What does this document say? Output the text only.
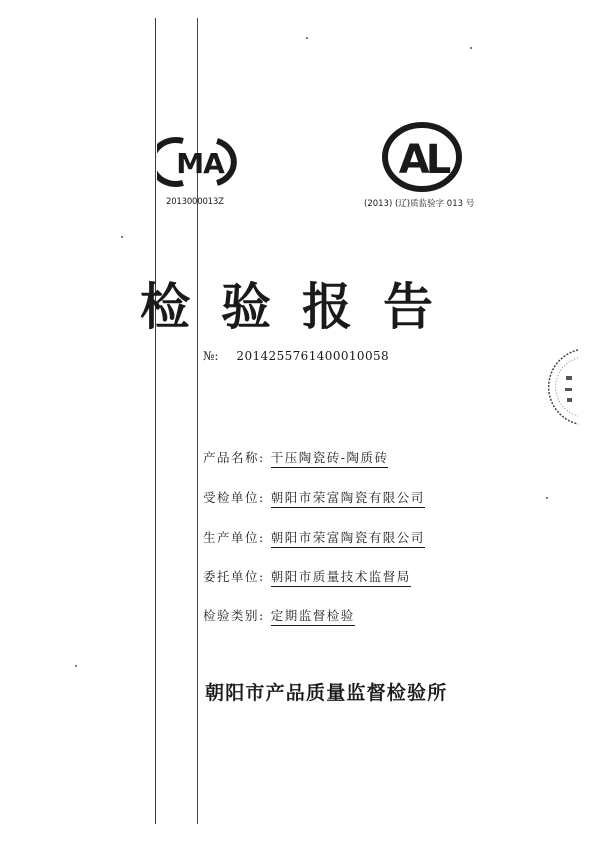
MA
2013000013Z
AL
(2013) (辽)质监验字 013 号
检验报告
№: 2014255761400010058
产品名称: 干压陶瓷砖-陶质砖
受检单位: 朝阳市荣富陶瓷有限公司
生产单位: 朝阳市荣富陶瓷有限公司
委托单位: 朝阳市质量技术监督局
检验类别: 定期监督检验
朝阳市产品质量监督检验所
